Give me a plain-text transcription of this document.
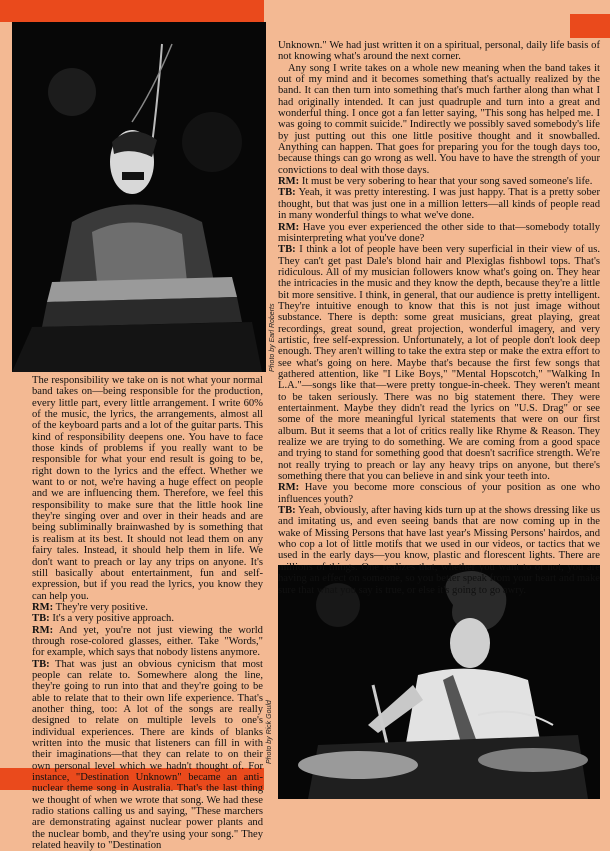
Photo by Earl Roberts
Photo by Rick Gould

The responsibility we take on is not what your normal band takes on—being responsible for the production, every little part, every little arrangement. I write 60% of the music, the lyrics, the arrangements, almost all of the keyboard parts and a lot of the guitar parts. This kind of responsibility deepens one. You have to face those kinds of problems if you really want to be responsible for what your end result is going to be, right down to the lyrics and the effect. Whether we want to or not, we're having a huge effect on people and we are influencing them. Therefore, we feel this responsibility to make sure that the little hook line they're singing over and over in their heads and are being subliminally brainwashed by is something that is realism at its best. It should not lead them on any fairy tales. Instead, it should help them in life. We don't want to preach or lay any trips on anyone. It's still basically about entertainment, fun and self-expression, but if you read the lyrics, you know they can help you.

RM: They're very positive.

TB: It's a very positive approach.

RM: And yet, you're not just viewing the world through rose-colored glasses, either. Take "Words," for example, which says that nobody listens anymore.

TB: That was just an obvious cynicism that most people can relate to. Somewhere along the line, they're going to run into that and they're going to be able to relate that to their own life experience. That's another thing, too: A lot of the songs are really designed to relate on multiple levels to one's individual experiences. There are kinds of blanks written into the music that listeners can fill in with their imaginations—that they can relate to on their own personal level which we hadn't thought of. For instance, "Destination Unknown" became an anti-nuclear theme song in Australia. That's the last thing we thought of when we wrote that song. We had these radio stations calling us and saying, "These marchers are demonstrating against nuclear power plants and the nuclear bomb, and they're using your song." They related heavily to "Destination

Unknown." We had just written it on a spiritual, personal, daily life basis of not knowing what's around the next corner.

Any song I write takes on a whole new meaning when the band takes it out of my mind and it becomes something that's actually realized by the band. It can then turn into something that's much farther along than what I had originally intended. It can just quadruple and turn into a great and wonderful thing. I once got a fan letter saying, "This song has helped me. I was going to commit suicide." Indirectly we possibly saved somebody's life by just putting out this one little positive thought and it snowballed. Anything can happen. That goes for preparing you for the tough days too, because things can go wrong as well. You have to have the strength of your convictions to deal with those days.

RM: It must be very sobering to hear that your song saved someone's life.

TB: Yeah, it was pretty interesting. I was just happy. That is a pretty sober thought, but that was just one in a million letters—all kinds of people read in many wonderful things to what we've done.

RM: Have you ever experienced the other side to that—somebody totally misinterpreting what you've done?

TB: I think a lot of people have been very superficial in their view of us. They can't get past Dale's blond hair and Plexiglas fishbowl tops. That's ridiculous. All of my musician followers know what's going on. They hear the intricacies in the music and they know the depth, because they're a little bit more sensitive. I think, in general, that our audience is pretty intelligent. They're intuitive enough to know that this is not just image without substance. There is depth: some great musicians, great playing, great recordings, great sound, great projection, wonderful imagery, and very artistic, free self-expression. Unfortunately, a lot of people don't look deep enough. They aren't willing to take the extra step or make the extra effort to see what's going on here. Maybe that's because the first few songs that gathered attention, like "I Like Boys," "Mental Hopscotch," "Walking In L.A."—songs like that—were pretty tongue-in-cheek. They weren't meant to be taken seriously. There was no big statement there. They were entertainment. Maybe they didn't read the lyrics on "U.S. Drag" or see some of the more meaningful lyrical statements that were on our first album. But it seems that a lot of critics really like Rhyme & Reason. They realize we are trying to do something. We are coming from a good space and trying to stand for something good that doesn't sacrifice strength. We're not really trying to preach or lay any heavy trips on anyone, but there's something there that you can believe in and sink your teeth into.

RM: Have you become more conscious of your position as one who influences youth?

TB: Yeah, obviously, after having kids turn up at the shows dressing like us and imitating us, and even seeing bands that are now coming up in the wake of Missing Persons that have last year's Missing Persons' hairdos, and who cop a lot of little motifs that we used in our videos, or tactics that we used in the early days—you know, plastic and florescent lights. There are millions of things. One realizes that, whether you want to or not, you are having an effect on someone, so you better speak from your heart and make sure that what you say is true, or else it's going to go awry.
